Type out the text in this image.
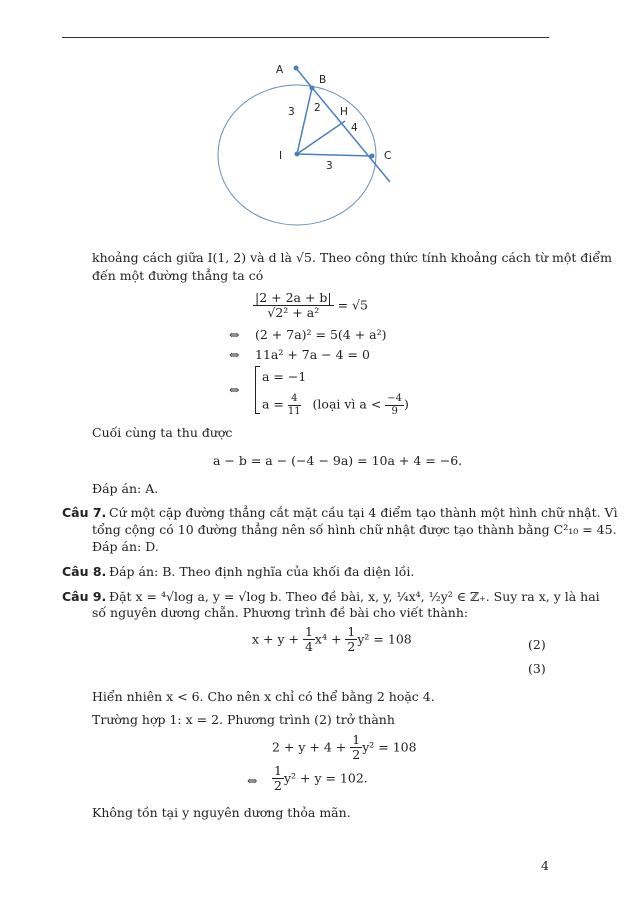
A
B
H
I	C
3 2
4
3
khoảng cách giữa I(1, 2) và d là √5. Theo công thức tính khoảng cách từ một điểm
đến một đường thẳng ta có
$\frac{|2 + 2a + b|}{\text{√2² + a²}} = √5$
⇔ (2 + 7a)² = 5(4 + a²)
⇔ 11a² + 7a − 4 = 0
⇔
a = −1
$a = \frac{4}{11}$ (loại vì $a < \frac{-4}{9}$ )
Cuối cùng ta thu được
a − b = a − (−4 − 9a) = 10a + 4 = −6.
Đáp án: A.
Câu 7. Cứ một cặp đường thẳng cắt mặt cầu tại 4 điểm tạo thành một hình chữ nhật. Vì
tổng cộng có 10 đường thẳng nên số hình chữ nhật được tạo thành bằng C²₁₀ = 45.
Đáp án: D.
Câu 8. Đáp án: B. Theo định nghĩa của khối đa diện lồi.
Câu 9. Đặt x = ⁴√log a, y = √log b. Theo đề bài, x, y, ¼x⁴, ½y² ∈ ℤ₊. Suy ra x, y là hai
số nguyên dương chẵn. Phương trình đề bài cho viết thành:
$x + y + \frac{1}{4} x^4 + \frac{1}{2} y^2 = 108$	(2)
(3)
Hiển nhiên x < 6. Cho nên x chỉ có thể bằng 2 hoặc 4.
Trường hợp 1: x = 2. Phương trình (2) trở thành
$2 + y + 4 + \frac{1}{2} y^2 = 108$
⇔ $\frac{1}{2} y^2 + y = 102$.
Không tồn tại y nguyên dương thỏa mãn.
4
